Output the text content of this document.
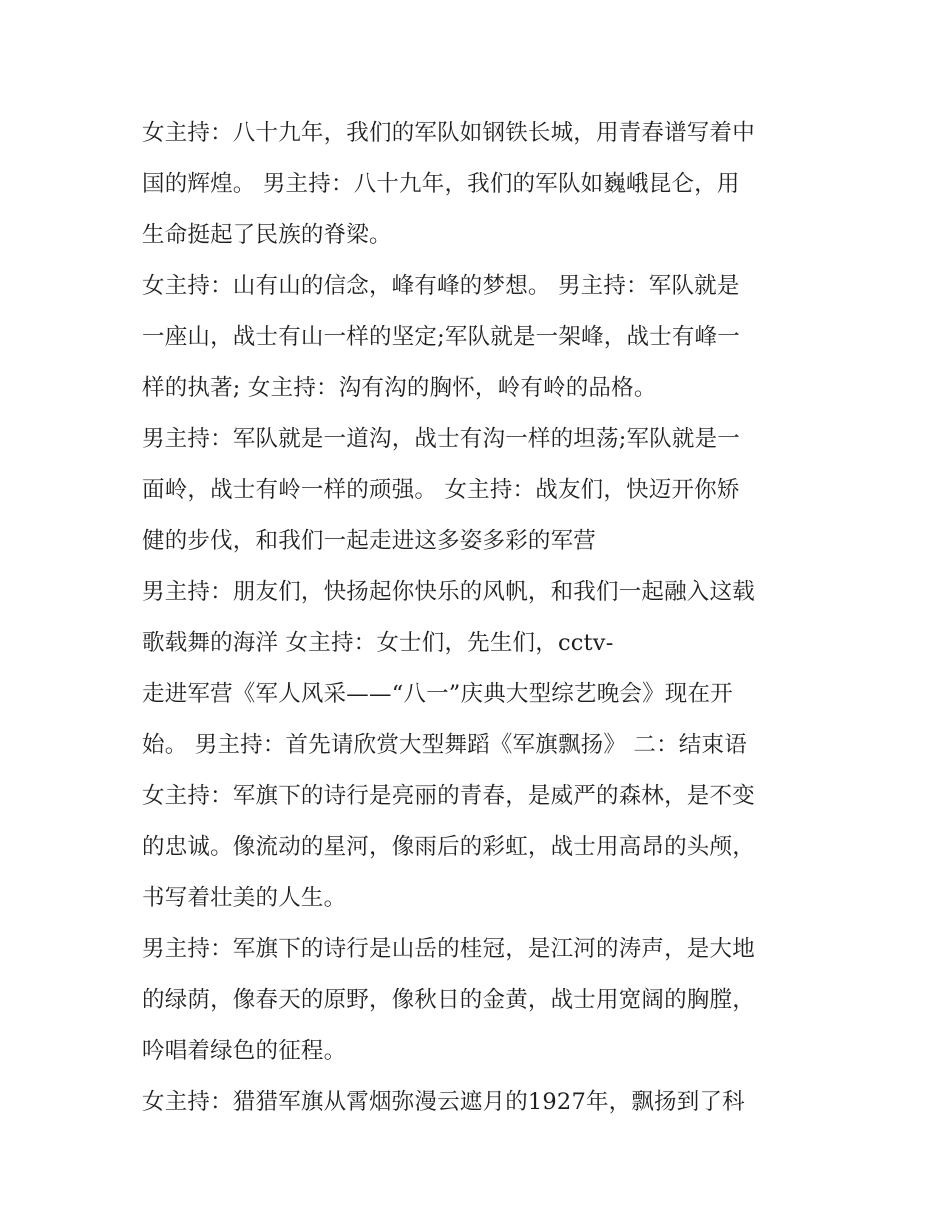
女主持：八十九年，我们的军队如钢铁长城，用青春谱写着中
国的辉煌。 男主持：八十九年，我们的军队如巍峨昆仑，用
生命挺起了民族的脊梁。
女主持：山有山的信念，峰有峰的梦想。 男主持：军队就是
一座山，战士有山一样的坚定;军队就是一架峰，战士有峰一
样的执著; 女主持：沟有沟的胸怀，岭有岭的品格。
男主持：军队就是一道沟，战士有沟一样的坦荡;军队就是一
面岭，战士有岭一样的顽强。 女主持：战友们，快迈开你矫
健的步伐，和我们一起走进这多姿多彩的军营
男主持：朋友们，快扬起你快乐的风帆，和我们一起融入这载
歌载舞的海洋 女主持：女士们，先生们，cctv-
走进军营《军人风采——“八一”庆典大型综艺晚会》现在开
始。 男主持：首先请欣赏大型舞蹈《军旗飘扬》 二：结束语
女主持：军旗下的诗行是亮丽的青春，是威严的森林，是不变
的忠诚。像流动的星河，像雨后的彩虹，战士用高昂的头颅，
书写着壮美的人生。
男主持：军旗下的诗行是山岳的桂冠，是江河的涛声，是大地
的绿荫，像春天的原野，像秋日的金黄，战士用宽阔的胸膛，
吟唱着绿色的征程。
女主持：猎猎军旗从霄烟弥漫云遮月的1927年，飘扬到了科
